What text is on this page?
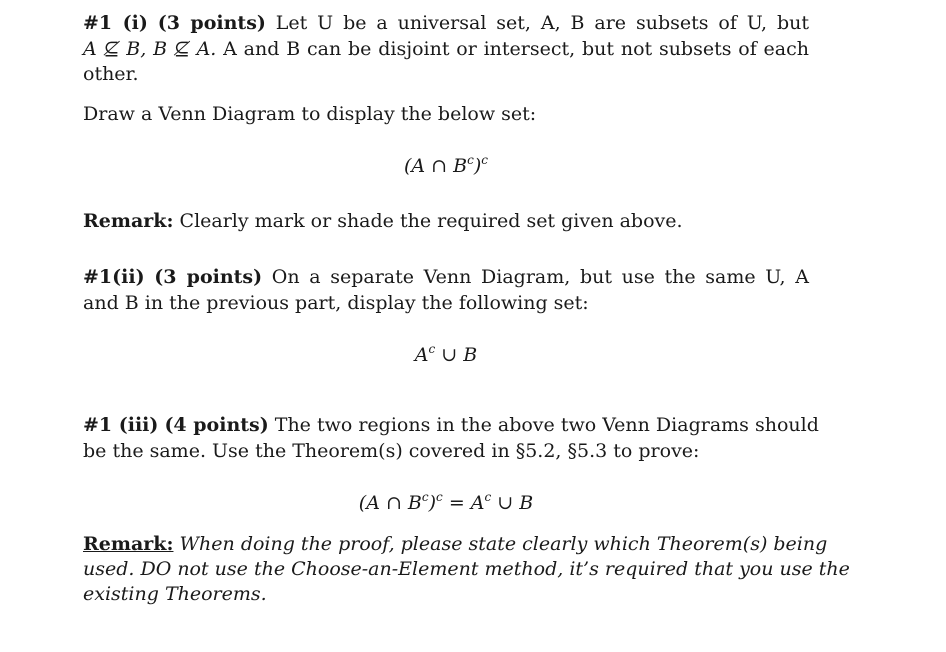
#1 (i) (3 points) Let U be a universal set, A, B are subsets of U, but
A ⊈ B, B ⊈ A. A and B can be disjoint or intersect, but not subsets of each
other.
Draw a Venn Diagram to display the below set:
(A ∩ $B^c)^c$
Remark: Clearly mark or shade the required set given above.
#1(ii) (3 points) On a separate Venn Diagram, but use the same U, A
and B in the previous part, display the following set:
$A^c$ ∪ B
#1 (iii) (4 points) The two regions in the above two Venn Diagrams should
be the same. Use the Theorem(s) covered in §5.2, §5.3 to prove:
(A ∩ $B^c)^c = A^c$ ∪ B
Remark: When doing the proof, please state clearly which Theorem(s) being
used. DO not use the Choose-an-Element method, it’s required that you use the
existing Theorems.
